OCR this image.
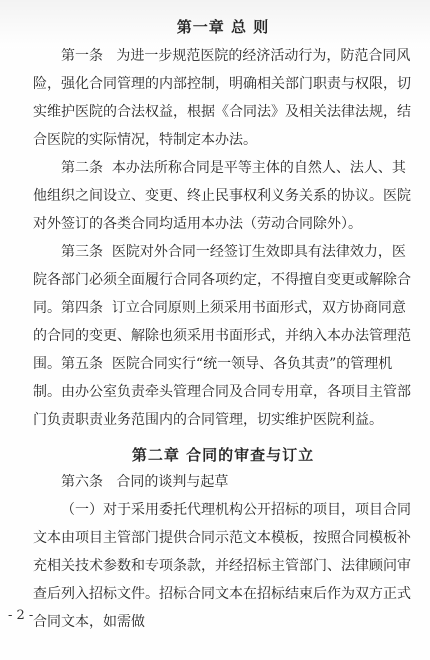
第一章 总 则

第一条 为进一步规范医院的经济活动行为，防范合同风险，强化合同管理的内部控制，明确相关部门职责与权限，切实维护医院的合法权益，根据《合同法》及相关法律法规，结合医院的实际情况，特制定本办法。

第二条 本办法所称合同是平等主体的自然人、法人、其他组织之间设立、变更、终止民事权利义务关系的协议。医院对外签订的各类合同均适用本办法（劳动合同除外）。

第三条 医院对外合同一经签订生效即具有法律效力，医院各部门必须全面履行合同各项约定，不得擅自变更或解除合同。 第四条 订立合同原则上须采用书面形式，双方协商同意的合同的变更、解除也须采用书面形式，并纳入本办法管理范围。 第五条 医院合同实行“统一领导、各负其责”的管理机制。由办公室负责牵头管理合同及合同专用章，各项目主管部门负责职责业务范围内的合同管理，切实维护医院利益。

第二章 合同的审查与订立

第六条 合同的谈判与起草

（一）对于采用委托代理机构公开招标的项目，项目合同文本由项目主管部门提供合同示范文本模板，按照合同模板补充相关技术参数和专项条款，并经招标主管部门、法律顾问审查后列入招标文件。招标合同文本在招标结束后作为双方正式合同文本，如需做

- 2 -
